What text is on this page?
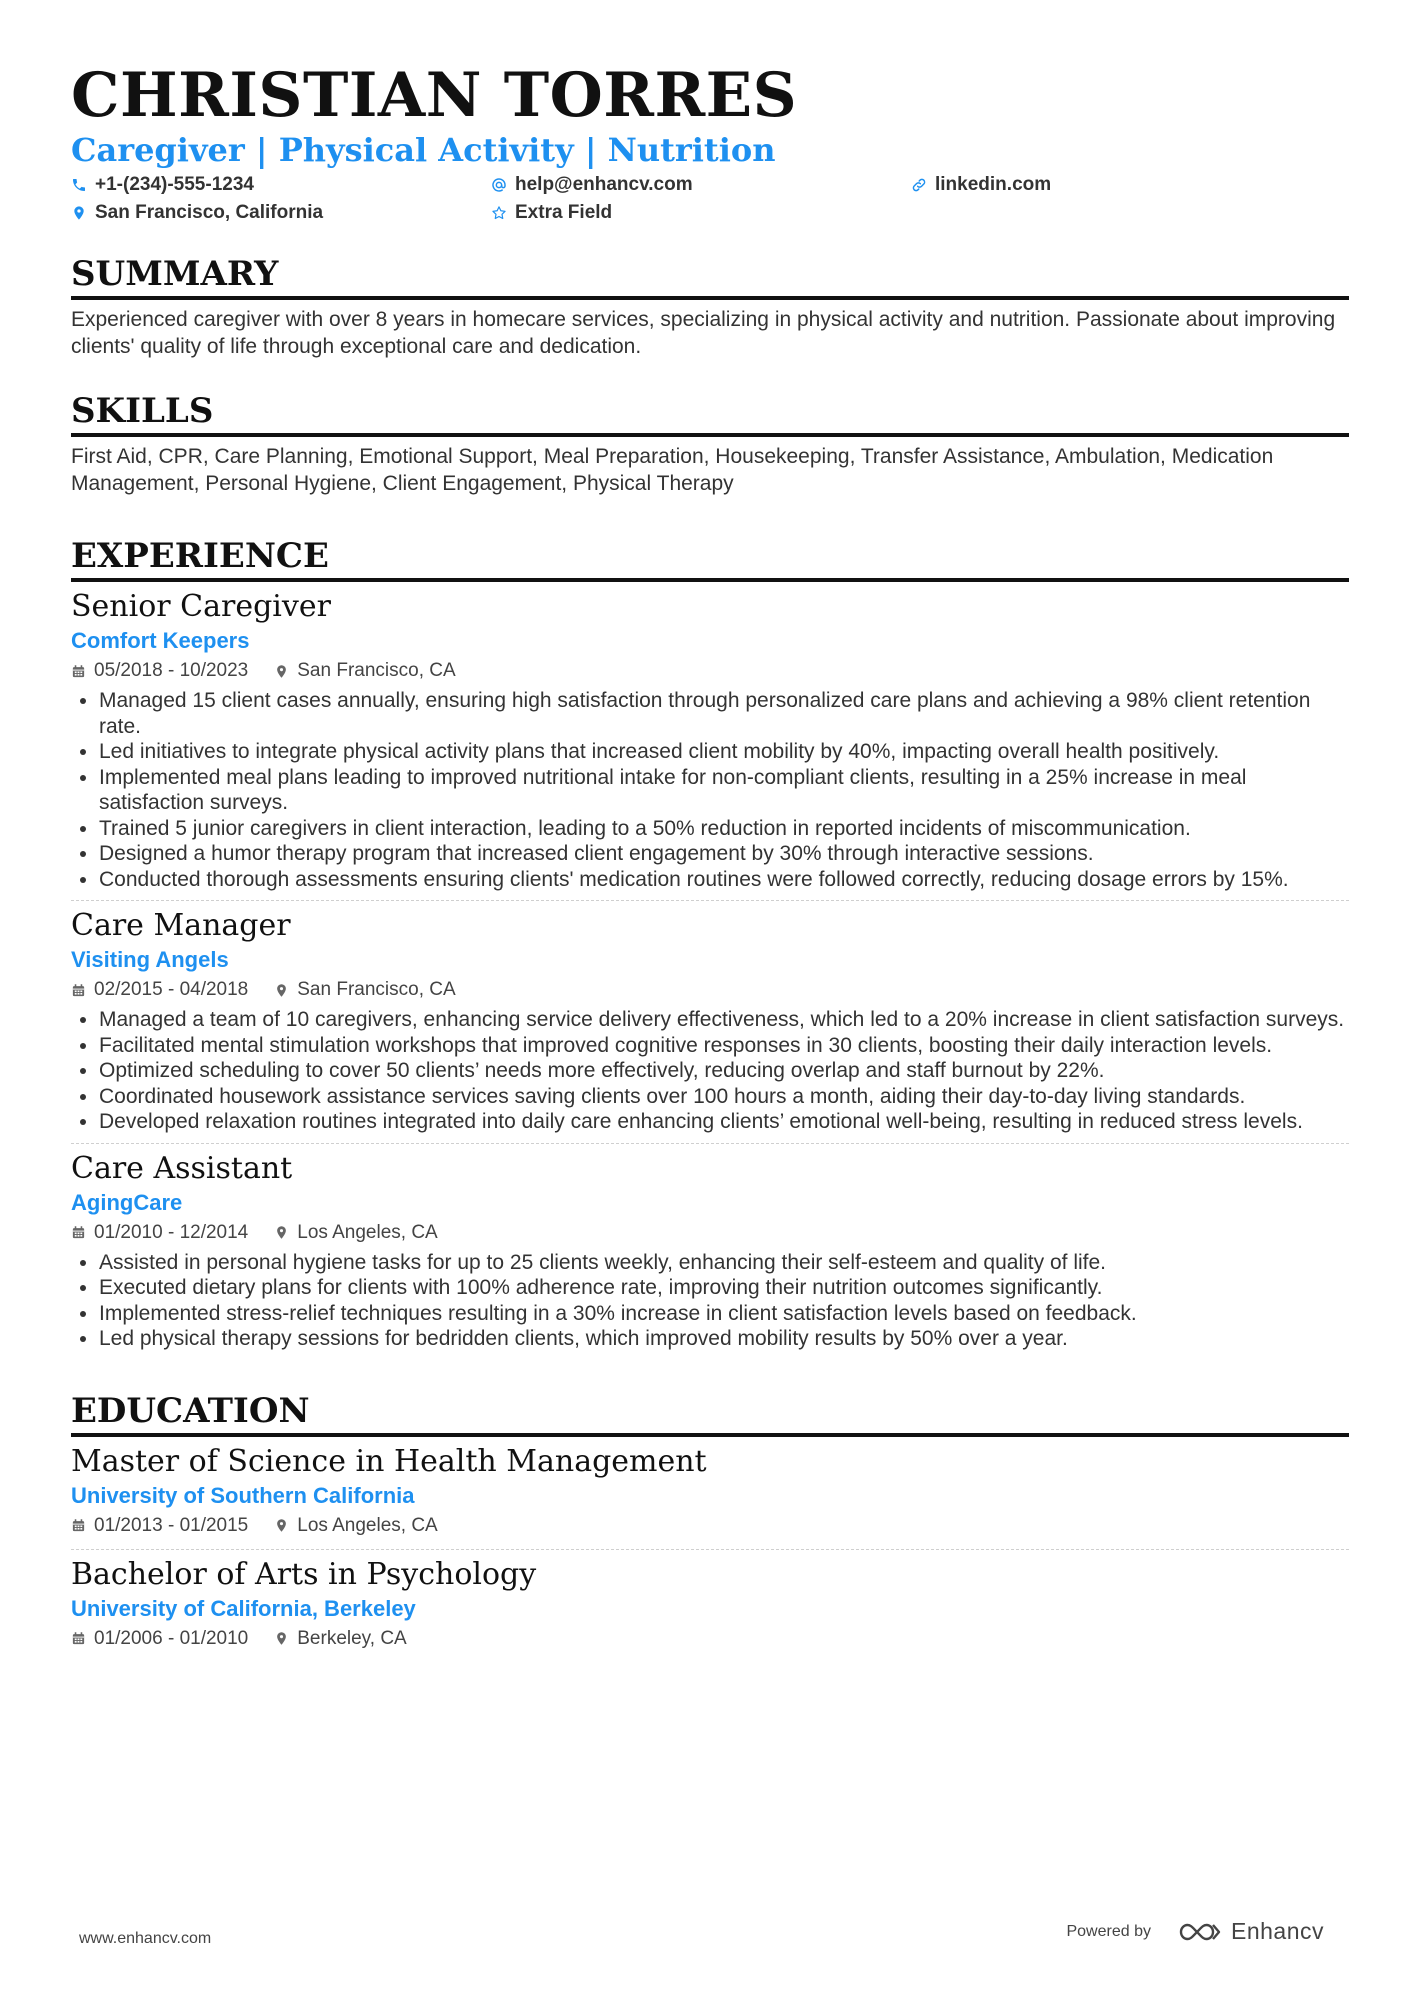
CHRISTIAN TORRES
Caregiver | Physical Activity | Nutrition
+1-(234)-555-1234	help@enhancv.com	linkedin.com
San Francisco, California	Extra Field
SUMMARY
Experienced caregiver with over 8 years in homecare services, specializing in physical activity and nutrition. Passionate about improving clients' quality of life through exceptional care and dedication.
SKILLS
First Aid, CPR, Care Planning, Emotional Support, Meal Preparation, Housekeeping, Transfer Assistance, Ambulation, Medication Management, Personal Hygiene, Client Engagement, Physical Therapy
EXPERIENCE
Senior Caregiver
Comfort Keepers
05/2018 - 10/2023	San Francisco, CA
• Managed 15 client cases annually, ensuring high satisfaction through personalized care plans and achieving a 98% client retention rate.
• Led initiatives to integrate physical activity plans that increased client mobility by 40%, impacting overall health positively.
• Implemented meal plans leading to improved nutritional intake for non-compliant clients, resulting in a 25% increase in meal satisfaction surveys.
• Trained 5 junior caregivers in client interaction, leading to a 50% reduction in reported incidents of miscommunication.
• Designed a humor therapy program that increased client engagement by 30% through interactive sessions.
• Conducted thorough assessments ensuring clients' medication routines were followed correctly, reducing dosage errors by 15%.
Care Manager
Visiting Angels
02/2015 - 04/2018	San Francisco, CA
• Managed a team of 10 caregivers, enhancing service delivery effectiveness, which led to a 20% increase in client satisfaction surveys.
• Facilitated mental stimulation workshops that improved cognitive responses in 30 clients, boosting their daily interaction levels.
• Optimized scheduling to cover 50 clients’ needs more effectively, reducing overlap and staff burnout by 22%.
• Coordinated housework assistance services saving clients over 100 hours a month, aiding their day-to-day living standards.
• Developed relaxation routines integrated into daily care enhancing clients’ emotional well-being, resulting in reduced stress levels.
Care Assistant
AgingCare
01/2010 - 12/2014	Los Angeles, CA
• Assisted in personal hygiene tasks for up to 25 clients weekly, enhancing their self-esteem and quality of life.
• Executed dietary plans for clients with 100% adherence rate, improving their nutrition outcomes significantly.
• Implemented stress-relief techniques resulting in a 30% increase in client satisfaction levels based on feedback.
• Led physical therapy sessions for bedridden clients, which improved mobility results by 50% over a year.
EDUCATION
Master of Science in Health Management
University of Southern California
01/2013 - 01/2015	Los Angeles, CA
Bachelor of Arts in Psychology
University of California, Berkeley
01/2006 - 01/2010	Berkeley, CA
www.enhancv.com	Powered by	Enhancv
